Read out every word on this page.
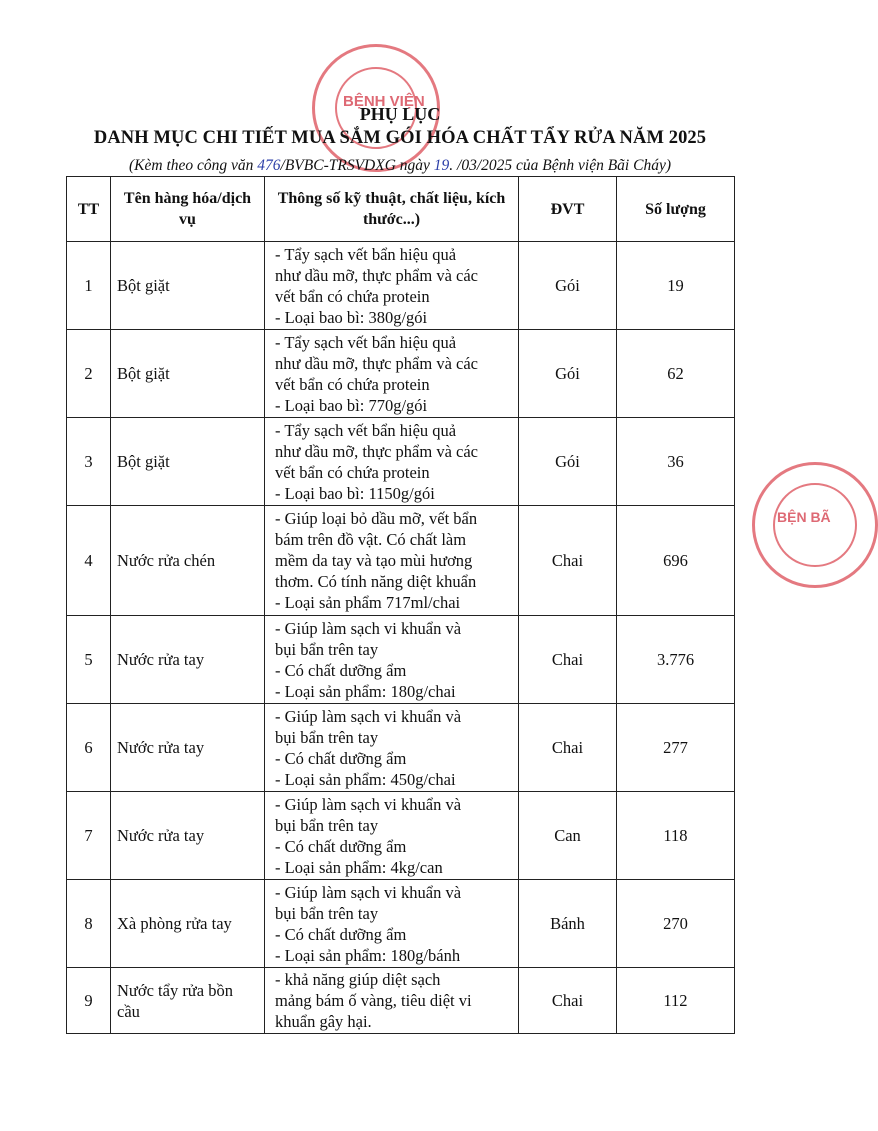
BỆNH VIỆN
BỆN BÃ
PHỤ LỤC
DANH MỤC CHI TIẾT MUA SẮM GÓI HÓA CHẤT TẨY RỬA NĂM 2025
(Kèm theo công văn 476/BVBC-TRSVDXG ngày 19. /03/2025 của Bệnh viện Bãi Cháy)
TT	Tên hàng hóa/dịch vụ	Thông số kỹ thuật, chất liệu, kích thước...)	ĐVT	Số lượng
1	Bột giặt	- Tẩy sạch vết bẩn hiệu quả
như dầu mỡ, thực phẩm và các
vết bẩn có chứa protein
- Loại bao bì: 380g/gói	Gói	19
2	Bột giặt	- Tẩy sạch vết bẩn hiệu quả
như dầu mỡ, thực phẩm và các
vết bẩn có chứa protein
- Loại bao bì: 770g/gói	Gói	62
3	Bột giặt	- Tẩy sạch vết bẩn hiệu quả
như dầu mỡ, thực phẩm và các
vết bẩn có chứa protein
- Loại bao bì: 1150g/gói	Gói	36
4	Nước rửa chén	- Giúp loại bỏ dầu mỡ, vết bẩn
bám trên đồ vật. Có chất làm
mềm da tay và tạo mùi hương
thơm. Có tính năng diệt khuẩn
- Loại sản phẩm 717ml/chai	Chai	696
5	Nước rửa tay	- Giúp làm sạch vi khuẩn và
bụi bẩn trên tay
- Có chất dưỡng ẩm
- Loại sản phẩm: 180g/chai	Chai	3.776
6	Nước rửa tay	- Giúp làm sạch vi khuẩn và
bụi bẩn trên tay
- Có chất dưỡng ẩm
- Loại sản phẩm: 450g/chai	Chai	277
7	Nước rửa tay	- Giúp làm sạch vi khuẩn và
bụi bẩn trên tay
- Có chất dưỡng ẩm
- Loại sản phẩm: 4kg/can	Can	118
8	Xà phòng rửa tay	- Giúp làm sạch vi khuẩn và
bụi bẩn trên tay
- Có chất dưỡng ẩm
- Loại sản phẩm: 180g/bánh	Bánh	270
9	Nước tẩy rửa bồn cầu	- khả năng giúp diệt sạch
mảng bám ố vàng, tiêu diệt vi
khuẩn gây hại.	Chai	112
